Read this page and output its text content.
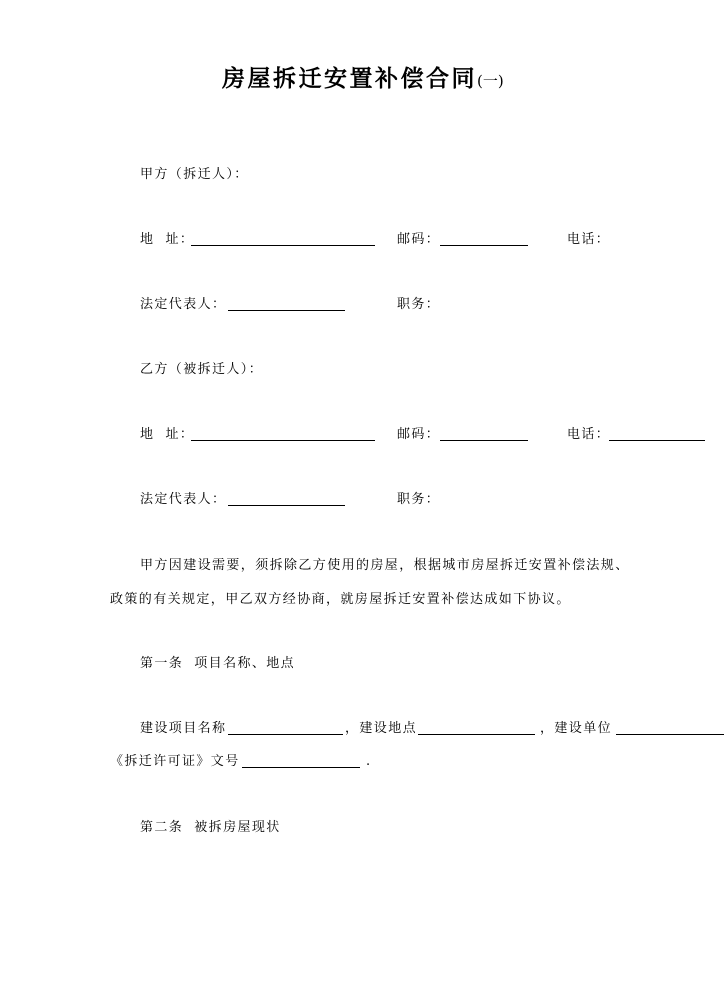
房屋拆迁安置补偿合同(一)
甲方（拆迁人）：
地  址：	邮码：	电话：
法定代表人：	职务：
乙方（被拆迁人）：
地  址：	邮码：	电话：
法定代表人：	职务：
甲方因建设需要，须拆除乙方使用的房屋，根据城市房屋拆迁安置补偿法规、
政策的有关规定，甲乙双方经协商，就房屋拆迁安置补偿达成如下协议。
第一条  项目名称、地点
建设项目名称	，建设地点	，建设单位
《拆迁许可证》文号	.
第二条  被拆房屋现状
